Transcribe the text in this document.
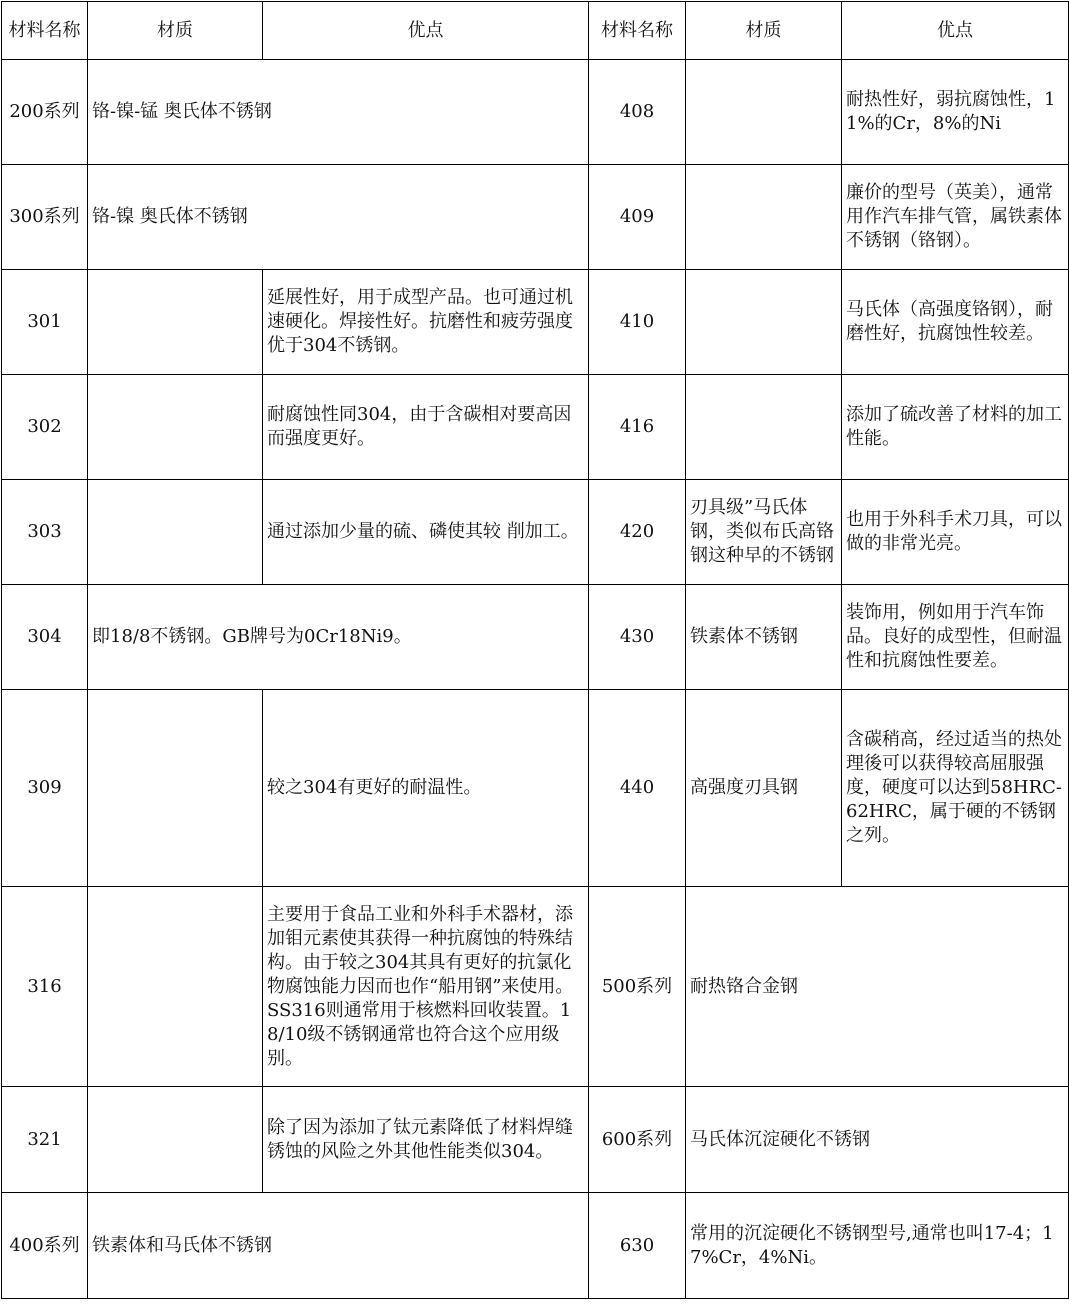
材料名称	材质	优点	材料名称	材质	优点
200系列	铬-镍-锰 奥氏体不锈钢		408		耐热性好，弱抗腐蚀性，11%的Cr，8%的Ni
300系列	铬-镍 奥氏体不锈钢		409		廉价的型号（英美），通常用作汽车排气管，属铁素体不锈钢（铬钢）。
301		延展性好，用于成型产品。也可通过机 速硬化。焊接性好。抗磨性和疲劳强度优于304不锈钢。	410		马氏体（高强度铬钢），耐磨性好，抗腐蚀性较差。
302		耐腐蚀性同304，由于含碳相对要高因而强度更好。	416		添加了硫改善了材料的加工性能。
303		通过添加少量的硫、磷使其较 削加工。	420	刃具级”马氏体钢，类似布氏高铬钢这种早的不锈钢	也用于外科手术刀具，可以做的非常光亮。
304	即18/8不锈钢。GB牌号为0Cr18Ni9。		430	铁素体不锈钢	装饰用，例如用于汽车饰品。良好的成型性，但耐温性和抗腐蚀性要差。
309		较之304有更好的耐温性。	440	高强度刃具钢	含碳稍高，经过适当的热处理後可以获得较高屈服强度，硬度可以达到58HRC-62HRC，属于硬的不锈钢之列。
316		主要用于食品工业和外科手术器材，添加钼元素使其获得一种抗腐蚀的特殊结构。由于较之304其具有更好的抗氯化物腐蚀能力因而也作“船用钢”来使用。SS316则通常用于核燃料回收装置。18/10级不锈钢通常也符合这个应用级别。	500系列	耐热铬合金钢	
321		除了因为添加了钛元素降低了材料焊缝锈蚀的风险之外其他性能类似304。	600系列	马氏体沉淀硬化不锈钢	
400系列	铁素体和马氏体不锈钢		630	常用的沉淀硬化不锈钢型号,通常也叫17-4；17%Cr，4%Ni。	
